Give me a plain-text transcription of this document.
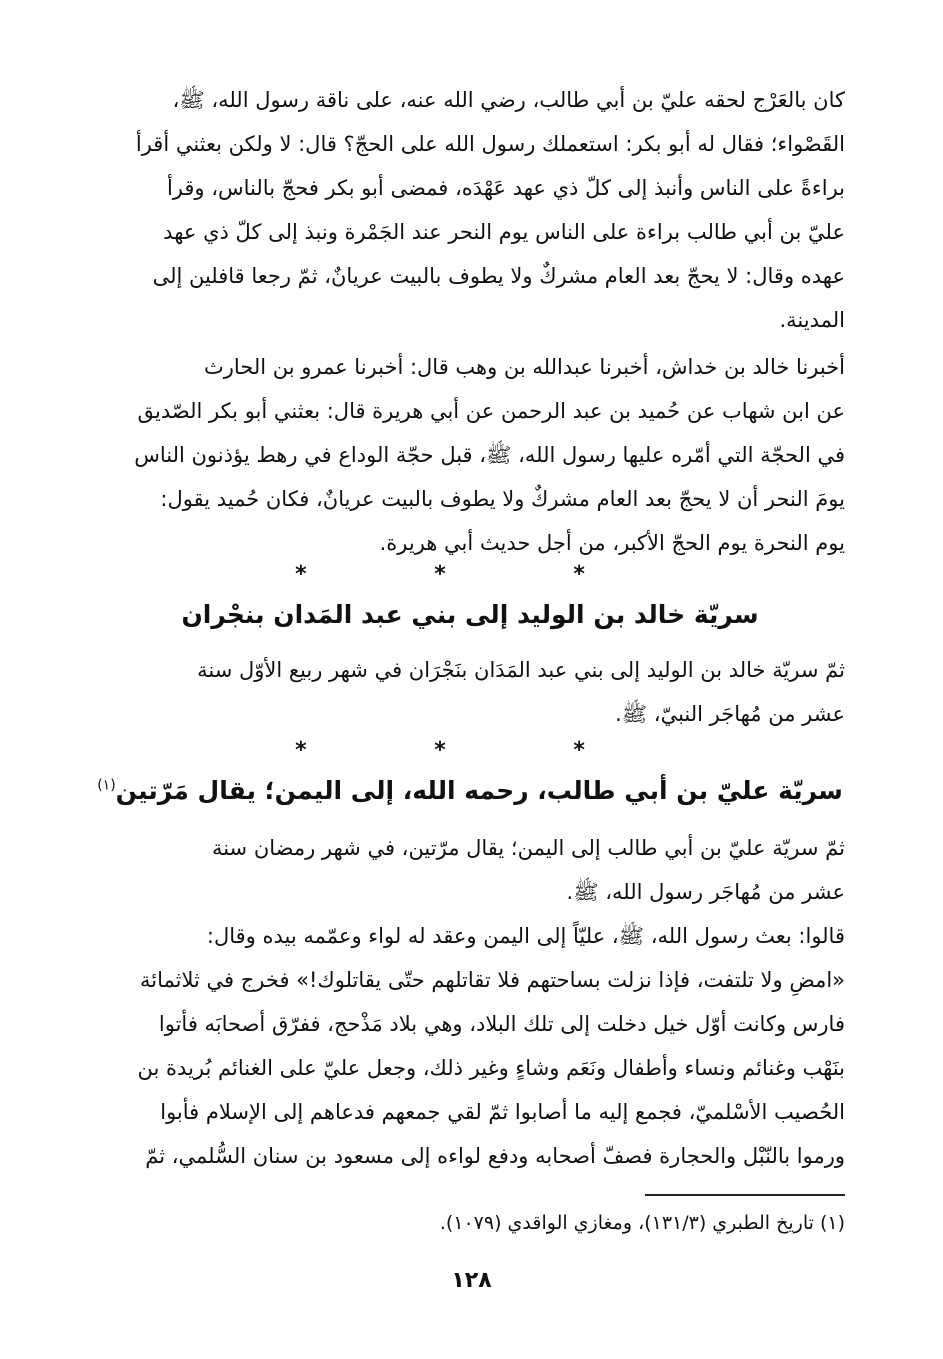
كان بالعَرْج لحقه عليّ بن أبي طالب، رضي الله عنه، على ناقة رسول الله، ﷺ،
القَصْواء؛ فقال له أبو بكر: استعملك رسول الله على الحجّ؟ قال: لا ولكن بعثني أقرأ
براءةً على الناس وأنبذ إلى كلّ ذي عهد عَهْدَه، فمضى أبو بكر فحجّ بالناس، وقرأ
عليّ بن أبي طالب براءة على الناس يوم النحر عند الجَمْرة ونبذ إلى كلّ ذي عهد
عهده وقال: لا يحجّ بعد العام مشركٌ ولا يطوف بالبيت عريانٌ، ثمّ رجعا قافلين إلى
المدينة.
أخبرنا خالد بن خداش، أخبرنا عبدالله بن وهب قال: أخبرنا عمرو بن الحارث
عن ابن شهاب عن حُميد بن عبد الرحمن عن أبي هريرة قال: بعثني أبو بكر الصّديق
في الحجّة التي أمّره عليها رسول الله، ﷺ، قبل حجّة الوداع في رهط يؤذنون الناس
يومَ النحر أن لا يحجّ بعد العام مشركٌ ولا يطوف بالبيت عريانٌ، فكان حُميد يقول:
يوم النحرة يوم الحجّ الأكبر، من أجل حديث أبي هريرة.
* * *
سريّة خالد بن الوليد إلى بني عبد المَدان بنجْران
ثمّ سريّة خالد بن الوليد إلى بني عبد المَدَان بنَجْرَان في شهر ربيع الأوّل سنة
عشر من مُهاجَر النبيّ، ﷺ.
* * *
سريّة عليّ بن أبي طالب، رحمه الله، إلى اليمن؛ يقال مَرّتين$^{(١)}$
ثمّ سريّة عليّ بن أبي طالب إلى اليمن؛ يقال مرّتين، في شهر رمضان سنة
عشر من مُهاجَر رسول الله، ﷺ.
قالوا: بعث رسول الله، ﷺ، عليّاً إلى اليمن وعقد له لواء وعمّمه بيده وقال:
«امضِ ولا تلتفت، فإذا نزلت بساحتهم فلا تقاتلهم حتّى يقاتلوك!» فخرج في ثلاثمائة
فارس وكانت أوّل خيل دخلت إلى تلك البلاد، وهي بلاد مَذْحج، ففرّق أصحابَه فأتوا
بنَهْب وغنائم ونساء وأطفال ونَعَم وشاءٍ وغير ذلك، وجعل عليّ على الغنائم بُريدة بن
الحُصيب الأسْلميّ، فجمع إليه ما أصابوا ثمّ لقي جمعهم فدعاهم إلى الإسلام فأبوا
ورموا بالنّبْل والحجارة فصفّ أصحابه ودفع لواءه إلى مسعود بن سنان السُّلمي، ثمّ
(١) تاريخ الطبري (١٣١/٣)، ومغازي الواقدي (١٠٧٩).
١٢٨
